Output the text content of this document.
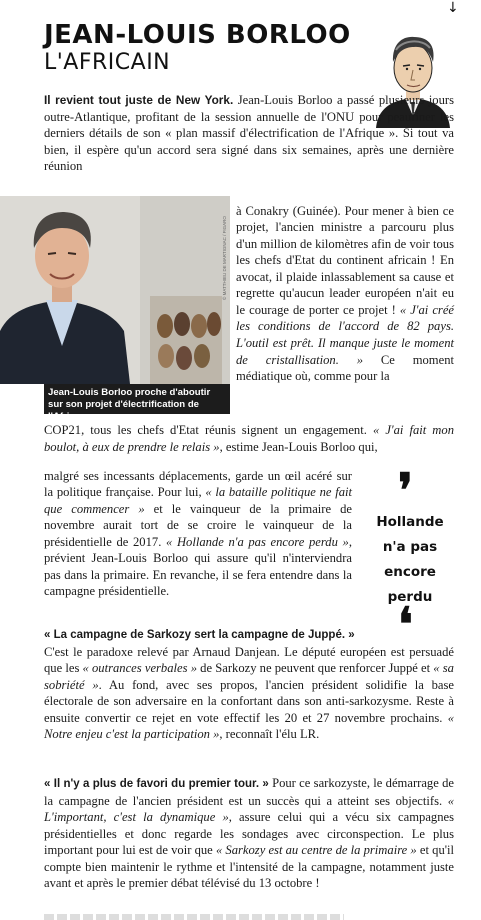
↓
JEAN-LOUIS BORLOO
L'AFRICAIN

Il revient tout juste de New York. Jean-Louis Borloo a passé plusieurs jours outre-Atlantique, profitant de la session annuelle de l'ONU pour peaufiner les derniers détails de son « plan massif d'électrification de l'Afrique ». Si tout va bien, il espère qu'un accord sera signé dans six semaines, après une dernière réunion

© MATTHIEU DE MARTIGNAC / FIGARO
Jean-Louis Borloo proche d'aboutir sur son projet d'électrification de l'Afrique.

à Conakry (Guinée). Pour mener à bien ce projet, l'ancien ministre a parcouru plus d'un million de kilomètres afin de voir tous les chefs d'Etat du continent africain ! En avocat, il plaide inlassablement sa cause et regrette qu'aucun leader européen n'ait eu le courage de porter ce projet ! « J'ai créé les conditions de l'accord de 82 pays. L'outil est prêt. Il manque juste le moment de cristallisation. » Ce moment médiatique où, comme pour la

COP21, tous les chefs d'Etat réunis signent un engagement. « J'ai fait mon boulot, à eux de prendre le relais », estime Jean-Louis Borloo qui,

malgré ses incessants déplacements, garde un œil acéré sur la politique française. Pour lui, « la bataille politique ne fait que commencer » et le vainqueur de la primaire de novembre aurait tort de se croire le vainqueur de la présidentielle de 2017. « Hollande n'a pas encore perdu », prévient Jean-Louis Borloo qui assure qu'il n'interviendra pas dans la primaire. En revanche, il se fera entendre dans la campagne présidentielle.

❜
Hollande
n'a pas
encore
perdu
❛

« La campagne de Sarkozy sert la campagne de Juppé. »

C'est le paradoxe relevé par Arnaud Danjean. Le député européen est persuadé que les « outrances verbales » de Sarkozy ne peuvent que renforcer Juppé et « sa sobriété ». Au fond, avec ses propos, l'ancien président solidifie la base électorale de son adversaire en la confortant dans son anti-sarkozysme. Reste à ensuite convertir ce rejet en vote effectif les 20 et 27 novembre prochains. « Notre enjeu c'est la participation », reconnaît l'élu LR.

« Il n'y a plus de favori du premier tour. » Pour ce sarkozyste, le démarrage de la campagne de l'ancien président est un succès qui a atteint ses objectifs. « L'important, c'est la dynamique », assure celui qui a vécu six campagnes présidentielles et donc regarde les sondages avec circonspection. Le plus important pour lui est de voir que « Sarkozy est au centre de la primaire » et qu'il compte bien maintenir le rythme et l'intensité de la campagne, notamment juste avant et après le premier débat télévisé du 13 octobre !
